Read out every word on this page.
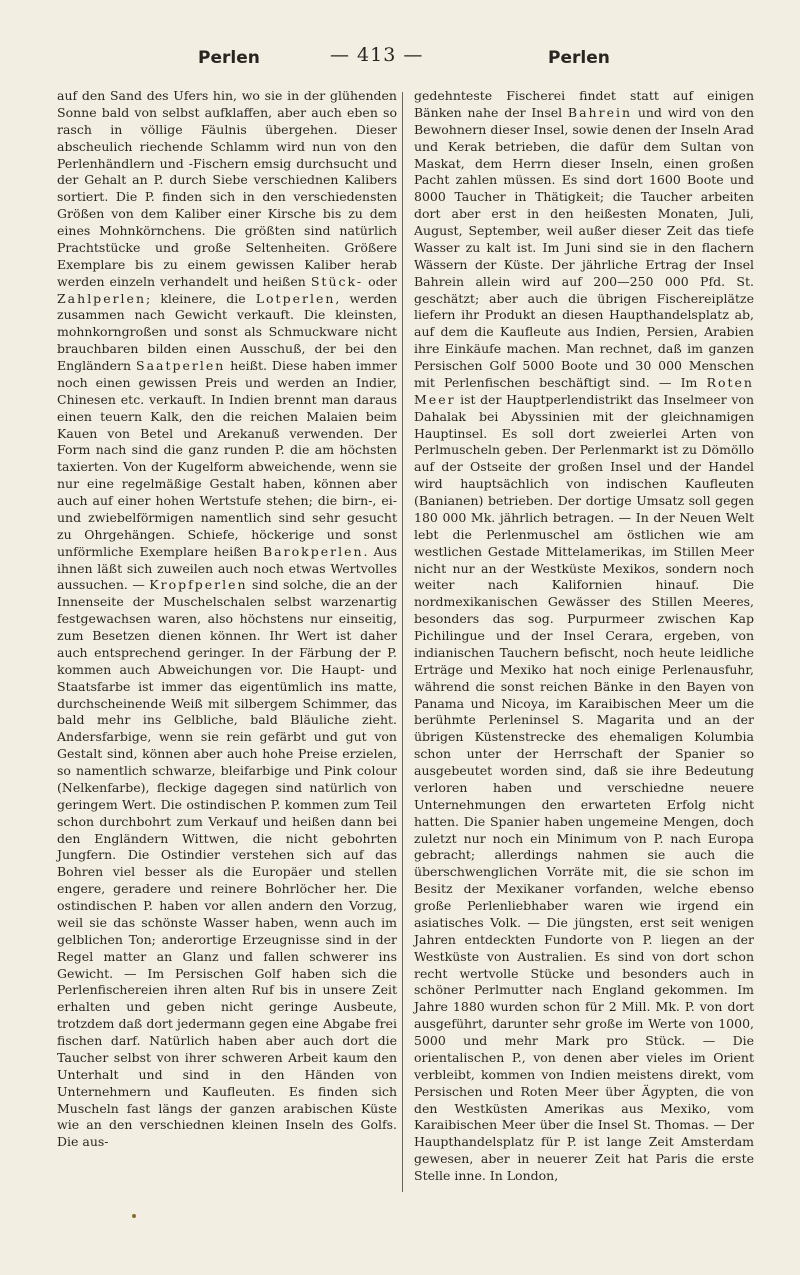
Perlen	— 413 —	Perlen
auf den Sand des Ufers hin, wo sie in der glühenden Sonne bald von selbst aufklaffen, aber auch eben so rasch in völlige Fäulnis übergehen. Dieser abscheulich riechende Schlamm wird nun von den Perlenhändlern und -Fischern emsig durchsucht und der Gehalt an P. durch Siebe verschiednen Kalibers sortiert. Die P. finden sich in den verschiedensten Größen von dem Kaliber einer Kirsche bis zu dem eines Mohnkörnchens. Die größten sind natürlich Prachtstücke und große Seltenheiten. Größere Exemplare bis zu einem gewissen Kaliber herab werden einzeln verhandelt und heißen Stück- oder Zahlperlen; kleinere, die Lotperlen, werden zusammen nach Gewicht verkauft. Die kleinsten, mohnkorngroßen und sonst als Schmuckware nicht brauchbaren bilden einen Ausschuß, der bei den Engländern Saatperlen heißt. Diese haben immer noch einen gewissen Preis und werden an Indier, Chinesen etc. verkauft. In Indien brennt man daraus einen teuern Kalk, den die reichen Malaien beim Kauen von Betel und Arekanuß verwenden. Der Form nach sind die ganz runden P. die am höchsten taxierten. Von der Kugelform abweichende, wenn sie nur eine regelmäßige Gestalt haben, können aber auch auf einer hohen Wertstufe stehen; die birn-, ei- und zwiebelförmigen namentlich sind sehr gesucht zu Ohrgehängen. Schiefe, höckerige und sonst unförmliche Exemplare heißen Barokperlen. Aus ihnen läßt sich zuweilen auch noch etwas Wertvolles aussuchen. — Kropfperlen sind solche, die an der Innenseite der Muschelschalen selbst warzenartig festgewachsen waren, also höchstens nur einseitig, zum Besetzen dienen können. Ihr Wert ist daher auch entsprechend geringer. In der Färbung der P. kommen auch Abweichungen vor. Die Haupt- und Staatsfarbe ist immer das eigentümlich ins matte, durchscheinende Weiß mit silbergem Schimmer, das bald mehr ins Gelbliche, bald Bläuliche zieht. Andersfarbige, wenn sie rein gefärbt und gut von Gestalt sind, können aber auch hohe Preise erzielen, so namentlich schwarze, bleifarbige und Pink colour (Nelkenfarbe), fleckige dagegen sind natürlich von geringem Wert. Die ostindischen P. kommen zum Teil schon durchbohrt zum Verkauf und heißen dann bei den Engländern Wittwen, die nicht gebohrten Jungfern. Die Ostindier verstehen sich auf das Bohren viel besser als die Europäer und stellen engere, geradere und reinere Bohrlöcher her. Die ostindischen P. haben vor allen andern den Vorzug, weil sie das schönste Wasser haben, wenn auch im gelblichen Ton; anderortige Erzeugnisse sind in der Regel matter an Glanz und fallen schwerer ins Gewicht. — Im Persischen Golf haben sich die Perlenfischereien ihren alten Ruf bis in unsere Zeit erhalten und geben nicht geringe Ausbeute, trotzdem daß dort jedermann gegen eine Abgabe frei fischen darf. Natürlich haben aber auch dort die Taucher selbst von ihrer schweren Arbeit kaum den Unterhalt und sind in den Händen von Unternehmern und Kaufleuten. Es finden sich Muscheln fast längs der ganzen arabischen Küste wie an den verschiednen kleinen Inseln des Golfs. Die aus-
gedehnteste Fischerei findet statt auf einigen Bänken nahe der Insel Bahrein und wird von den Bewohnern dieser Insel, sowie denen der Inseln Arad und Kerak betrieben, die dafür dem Sultan von Maskat, dem Herrn dieser Inseln, einen großen Pacht zahlen müssen. Es sind dort 1600 Boote und 8000 Taucher in Thätigkeit; die Taucher arbeiten dort aber erst in den heißesten Monaten, Juli, August, September, weil außer dieser Zeit das tiefe Wasser zu kalt ist. Im Juni sind sie in den flachern Wässern der Küste. Der jährliche Ertrag der Insel Bahrein allein wird auf 200—250 000 Pfd. St. geschätzt; aber auch die übrigen Fischereiplätze liefern ihr Produkt an diesen Haupthandelsplatz ab, auf dem die Kaufleute aus Indien, Persien, Arabien ihre Einkäufe machen. Man rechnet, daß im ganzen Persischen Golf 5000 Boote und 30 000 Menschen mit Perlenfischen beschäftigt sind. — Im Roten Meer ist der Hauptperlendistrikt das Inselmeer von Dahalak bei Abyssinien mit der gleichnamigen Hauptinsel. Es soll dort zweierlei Arten von Perlmuscheln geben. Der Perlenmarkt ist zu Dömöllo auf der Ostseite der großen Insel und der Handel wird hauptsächlich von indischen Kaufleuten (Banianen) betrieben. Der dortige Umsatz soll gegen 180 000 Mk. jährlich betragen. — In der Neuen Welt lebt die Perlenmuschel am östlichen wie am westlichen Gestade Mittelamerikas, im Stillen Meer nicht nur an der Westküste Mexikos, sondern noch weiter nach Kalifornien hinauf. Die nordmexikanischen Gewässer des Stillen Meeres, besonders das sog. Purpurmeer zwischen Kap Pichilingue und der Insel Cerara, ergeben, von indianischen Tauchern befischt, noch heute leidliche Erträge und Mexiko hat noch einige Perlenausfuhr, während die sonst reichen Bänke in den Bayen von Panama und Nicoya, im Karaibischen Meer um die berühmte Perleninsel S. Magarita und an der übrigen Küstenstrecke des ehemaligen Kolumbia schon unter der Herrschaft der Spanier so ausgebeutet worden sind, daß sie ihre Bedeutung verloren haben und verschiedne neuere Unternehmungen den erwarteten Erfolg nicht hatten. Die Spanier haben ungemeine Mengen, doch zuletzt nur noch ein Minimum von P. nach Europa gebracht; allerdings nahmen sie auch die überschwenglichen Vorräte mit, die sie schon im Besitz der Mexikaner vorfanden, welche ebenso große Perlenliebhaber waren wie irgend ein asiatisches Volk. — Die jüngsten, erst seit wenigen Jahren entdeckten Fundorte von P. liegen an der Westküste von Australien. Es sind von dort schon recht wertvolle Stücke und besonders auch in schöner Perlmutter nach England gekommen. Im Jahre 1880 wurden schon für 2 Mill. Mk. P. von dort ausgeführt, darunter sehr große im Werte von 1000, 5000 und mehr Mark pro Stück. — Die orientalischen P., von denen aber vieles im Orient verbleibt, kommen von Indien meistens direkt, vom Persischen und Roten Meer über Ägypten, die von den Westküsten Amerikas aus Mexiko, vom Karaibischen Meer über die Insel St. Thomas. — Der Haupthandelsplatz für P. ist lange Zeit Amsterdam gewesen, aber in neuerer Zeit hat Paris die erste Stelle inne. In London,
